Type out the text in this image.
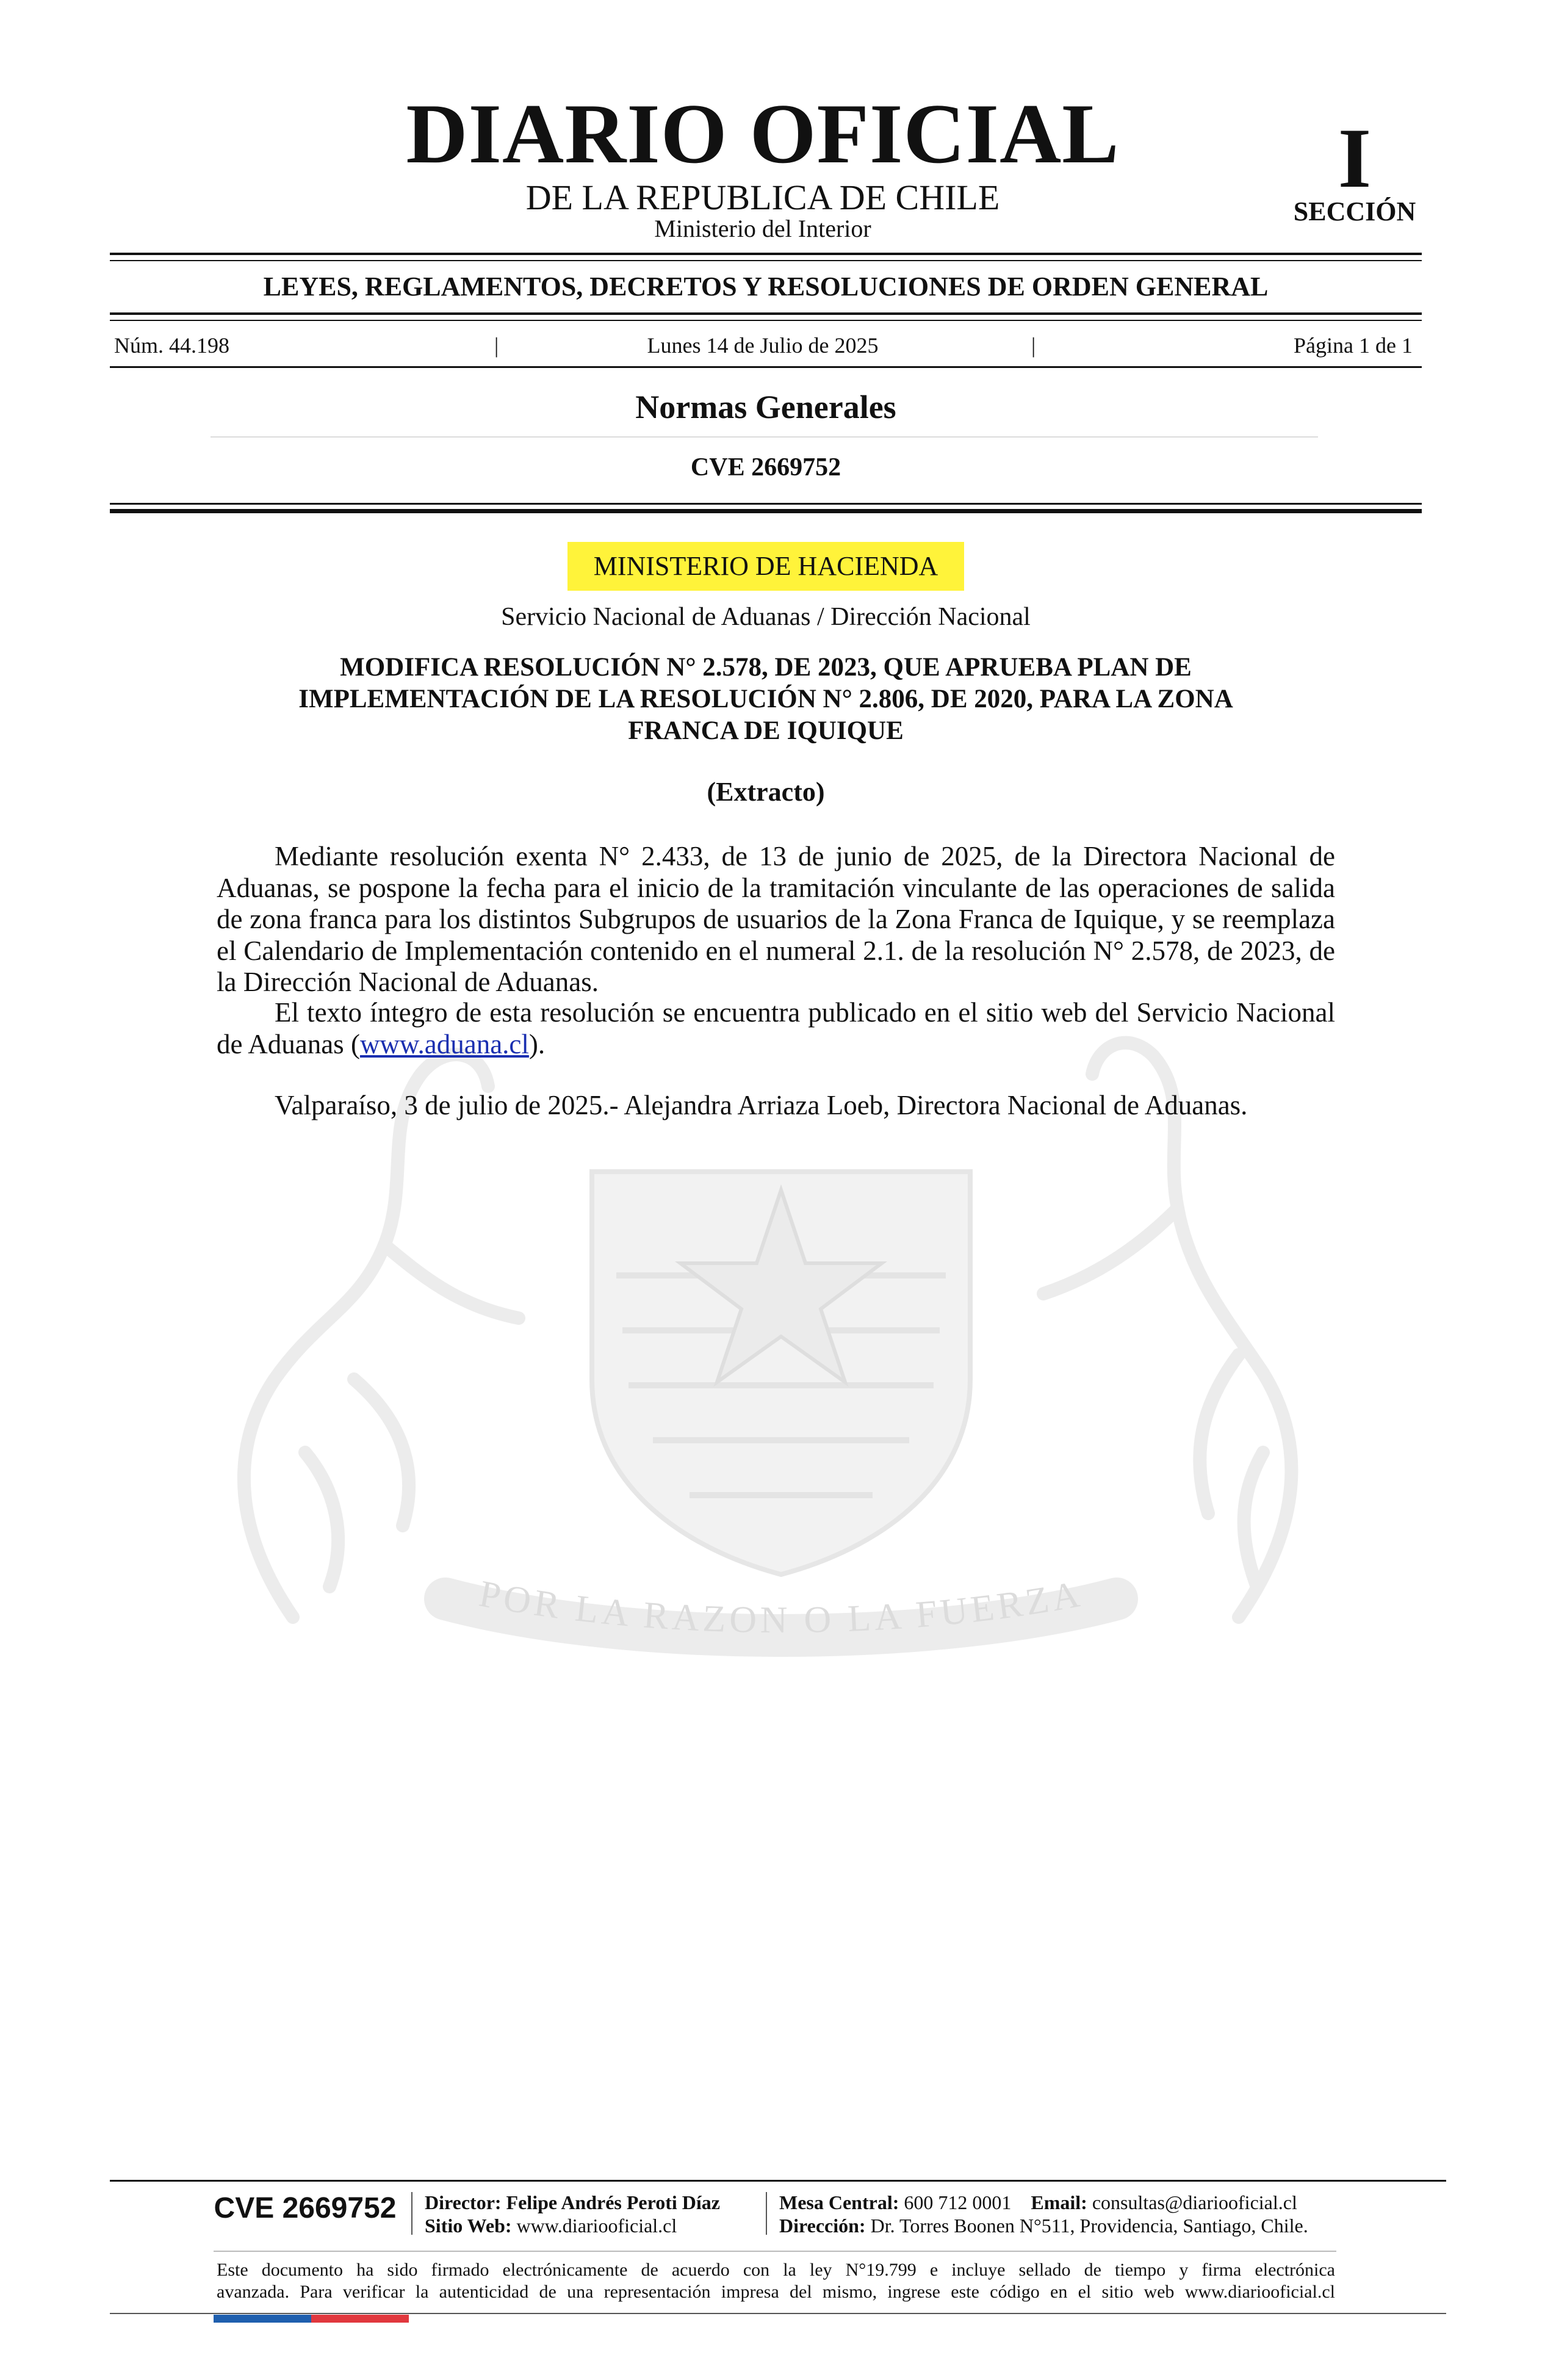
POR LA RAZON O LA FUERZA
DIARIO OFICIAL
DE LA REPUBLICA DE CHILE
Ministerio del Interior
I
SECCIÓN
LEYES, REGLAMENTOS, DECRETOS Y RESOLUCIONES DE ORDEN GENERAL
Núm. 44.198	|	Lunes 14 de Julio de 2025	|	Página 1 de 1
Normas Generales
CVE 2669752
MINISTERIO DE HACIENDA
Servicio Nacional de Aduanas / Dirección Nacional
MODIFICA RESOLUCIÓN N° 2.578, DE 2023, QUE APRUEBA PLAN DE
IMPLEMENTACIÓN DE LA RESOLUCIÓN N° 2.806, DE 2020, PARA LA ZONA
FRANCA DE IQUIQUE
(Extracto)
Mediante resolución exenta N° 2.433, de 13 de junio de 2025, de la Directora Nacional de Aduanas, se pospone la fecha para el inicio de la tramitación vinculante de las operaciones de salida de zona franca para los distintos Subgrupos de usuarios de la Zona Franca de Iquique, y se reemplaza el Calendario de Implementación contenido en el numeral 2.1. de la resolución N° 2.578, de 2023, de la Dirección Nacional de Aduanas.
El texto íntegro de esta resolución se encuentra publicado en el sitio web del Servicio Nacional de Aduanas (www.aduana.cl).
Valparaíso, 3 de julio de 2025.- Alejandra Arriaza Loeb, Directora Nacional de Aduanas.
CVE 2669752	Director: Felipe Andrés Peroti Díaz
Sitio Web: www.diariooficial.cl
Mesa Central: 600 712 0001 Email: consultas@diariooficial.cl
Dirección: Dr. Torres Boonen N°511, Providencia, Santiago, Chile.
Este documento ha sido firmado electrónicamente de acuerdo con la ley N°19.799 e incluye sellado de tiempo y firma electrónica
avanzada. Para verificar la autenticidad de una representación impresa del mismo, ingrese este código en el sitio web www.diariooficial.cl
